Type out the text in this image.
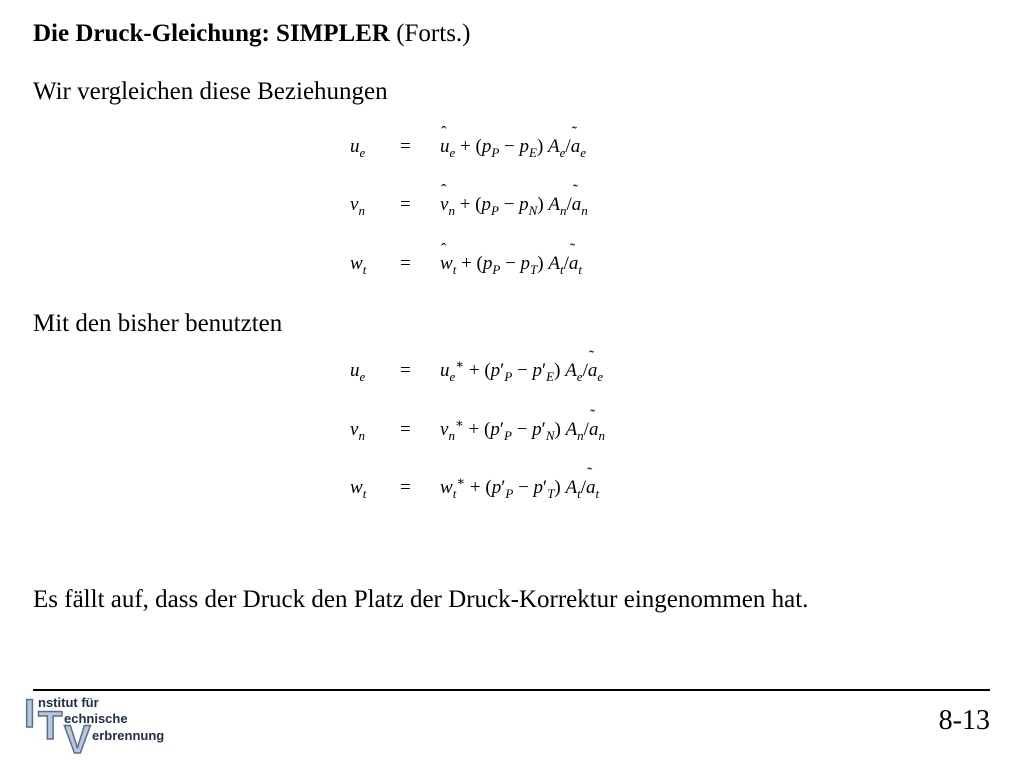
Die Druck-Gleichung: SIMPLER (Forts.)
Wir vergleichen diese Beziehungen
$u_e$ = ˆ $u_e + (p_P - p_E)$ $A_e/˜$ $a_e$
$v_n$ = ˆ $v_n + (p_P - p_N)$ $A_n/˜$ $a_n$
$w_t$ = ˆ $w_t + (p_P - p_T)$ $A_t/˜$ $a_t$
Mit den bisher benutzten
$u_e = u_e^∗ + (p'_P - p'_E)$ $A_e/˜$ $a_e$
$v_n = v_n^∗ + (p'_P - p'_N)$ $A_n/˜$ $a_n$
$w_t = w_t^∗ + (p'_P - p'_T)$ $A_t/˜$ $a_t$
Es fällt auf, dass der Druck den Platz der Druck-Korrektur eingenommen hat.
I T V
nstitut für
echnische
erbrennung	8-13
